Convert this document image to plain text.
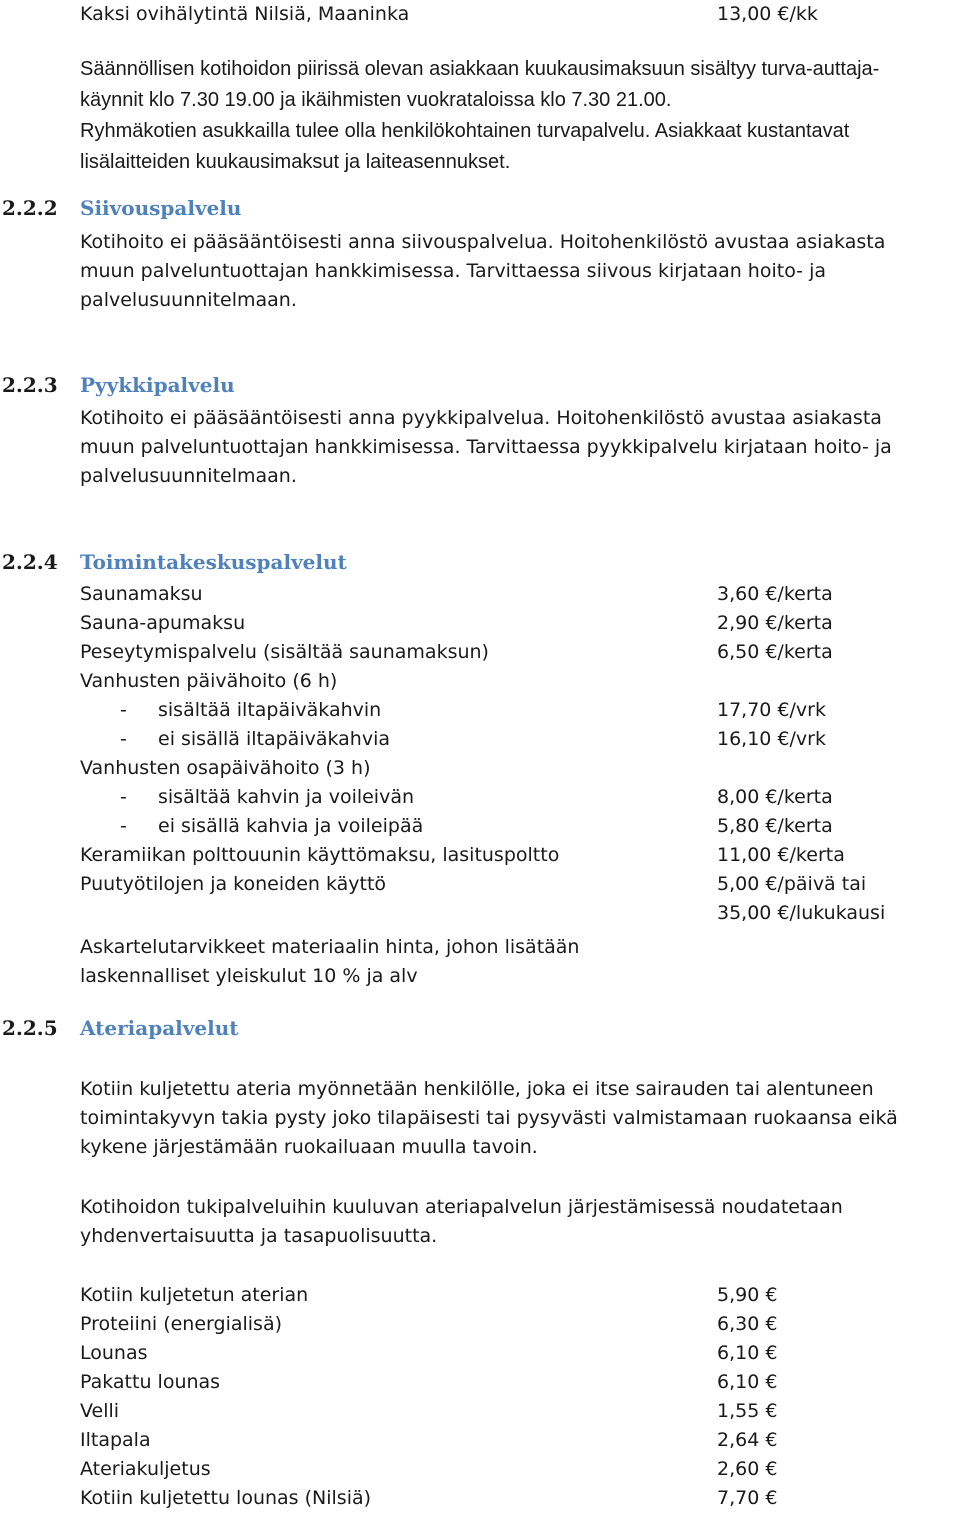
Kaksi ovihälytintä Nilsiä, Maaninka	13,00 €/kk
Säännöllisen kotihoidon piirissä olevan asiakkaan kuukausimaksuun sisältyy turva-auttaja-
käynnit klo 7.30 19.00 ja ikäihmisten vuokrataloissa klo 7.30 21.00.
Ryhmäkotien asukkailla tulee olla henkilökohtainen turvapalvelu. Asiakkaat kustantavat
lisälaitteiden kuukausimaksut ja laiteasennukset.
2.2.2 Siivouspalvelu
Kotihoito ei pääsääntöisesti anna siivouspalvelua. Hoitohenkilöstö avustaa asiakasta
muun palveluntuottajan hankkimisessa. Tarvittaessa siivous kirjataan hoito- ja
palvelusuunnitelmaan.
2.2.3 Pyykkipalvelu
Kotihoito ei pääsääntöisesti anna pyykkipalvelua. Hoitohenkilöstö avustaa asiakasta
muun palveluntuottajan hankkimisessa. Tarvittaessa pyykkipalvelu kirjataan hoito- ja
palvelusuunnitelmaan.
2.2.4 Toimintakeskuspalvelut
Saunamaksu
Sauna-apumaksu
Peseytymispalvelu (sisältää saunamaksun)
Vanhusten päivähoito (6 h)
- sisältää iltapäiväkahvin
- ei sisällä iltapäiväkahvia
Vanhusten osapäivähoito (3 h)
- sisältää kahvin ja voileivän
- ei sisällä kahvia ja voileipää
Keramiikan polttouunin käyttömaksu, lasituspoltto
Puutyötilojen ja koneiden käyttö
3,60 €/kerta
2,90 €/kerta
6,50 €/kerta
17,70 €/vrk
16,10 €/vrk
8,00 €/kerta
5,80 €/kerta
11,00 €/kerta
5,00 €/päivä tai
35,00 €/lukukausi
Askartelutarvikkeet materiaalin hinta, johon lisätään
laskennalliset yleiskulut 10 % ja alv
2.2.5 Ateriapalvelut
Kotiin kuljetettu ateria myönnetään henkilölle, joka ei itse sairauden tai alentuneen
toimintakyvyn takia pysty joko tilapäisesti tai pysyvästi valmistamaan ruokaansa eikä
kykene järjestämään ruokailuaan muulla tavoin.
Kotihoidon tukipalveluihin kuuluvan ateriapalvelun järjestämisessä noudatetaan
yhdenvertaisuutta ja tasapuolisuutta.
Kotiin kuljetetun aterian
Proteiini (energialisä)
Lounas
Pakattu lounas
Velli
Iltapala
Ateriakuljetus
Kotiin kuljetettu lounas (Nilsiä)
5,90 €
6,30 €
6,10 €
6,10 €
1,55 €
2,64 €
2,60 €
7,70 €
